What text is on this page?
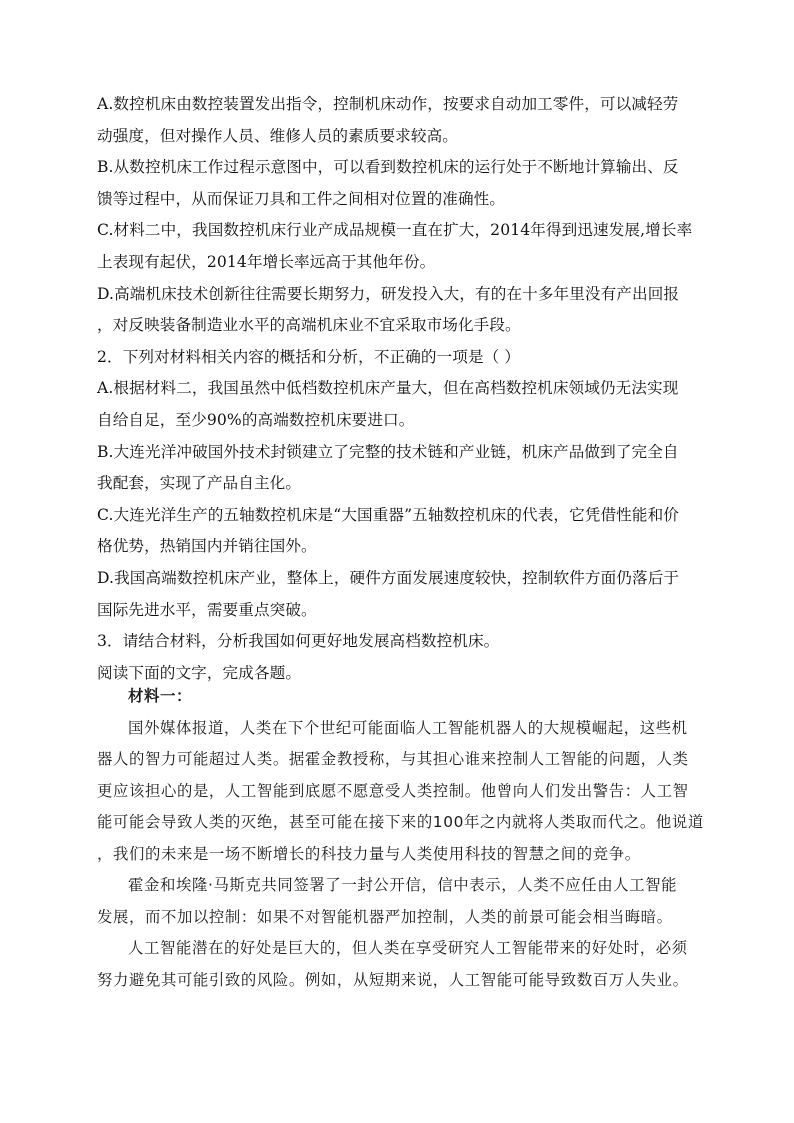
A.数控机床由数控装置发出指令，控制机床动作，按要求自动加工零件，可以减轻劳
动强度，但对操作人员、维修人员的素质要求较高。
B.从数控机床工作过程示意图中，可以看到数控机床的运行处于不断地计算输出、反
馈等过程中，从而保证刀具和工件之间相对位置的准确性。
C.材料二中，我国数控机床行业产成品规模一直在扩大，2014年得到迅速发展,增长率
上表现有起伏，2014年增长率远高于其他年份。
D.高端机床技术创新往往需要长期努力，研发投入大，有的在十多年里没有产出回报
，对反映装备制造业水平的高端机床业不宜采取市场化手段。
2．下列对材料相关内容的概括和分析，不正确的一项是（ ）
A.根据材料二，我国虽然中低档数控机床产量大，但在高档数控机床领域仍无法实现
自给自足，至少90%的高端数控机床要进口。
B.大连光洋冲破国外技术封锁建立了完整的技术链和产业链，机床产品做到了完全自
我配套，实现了产品自主化。
C.大连光洋生产的五轴数控机床是“大国重器”五轴数控机床的代表，它凭借性能和价
格优势，热销国内并销往国外。
D.我国高端数控机床产业，整体上，硬件方面发展速度较快，控制软件方面仍落后于
国际先进水平，需要重点突破。
3．请结合材料，分析我国如何更好地发展高档数控机床。
阅读下面的文字，完成各题。
材料一：
国外媒体报道，人类在下个世纪可能面临人工智能机器人的大规模崛起，这些机
器人的智力可能超过人类。据霍金教授称，与其担心谁来控制人工智能的问题，人类
更应该担心的是，人工智能到底愿不愿意受人类控制。他曾向人们发出警告：人工智
能可能会导致人类的灭绝，甚至可能在接下来的100年之内就将人类取而代之。他说道
，我们的未来是一场不断增长的科技力量与人类使用科技的智慧之间的竞争。
霍金和埃隆·马斯克共同签署了一封公开信，信中表示，人类不应任由人工智能
发展，而不加以控制：如果不对智能机器严加控制，人类的前景可能会相当晦暗。
人工智能潜在的好处是巨大的，但人类在享受研究人工智能带来的好处时，必须
努力避免其可能引致的风险。例如，从短期来说，人工智能可能导致数百万人失业。
